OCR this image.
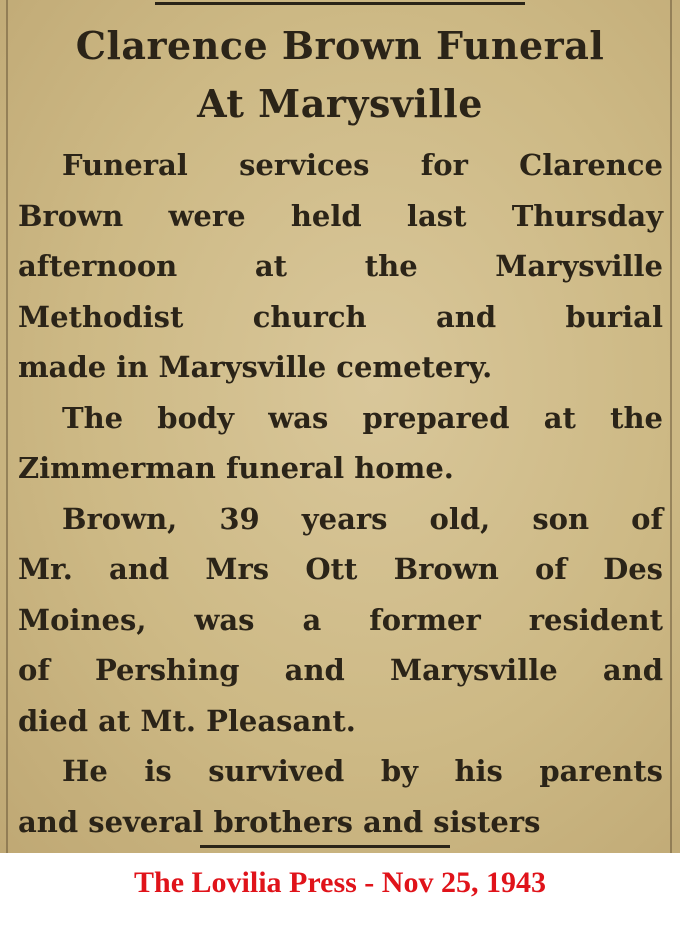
Clarence Brown Funeral
At Marysville
Funeral services for Clarence
Brown were held last Thursday
afternoon at the Marysville
Methodist church and burial
made in Marysville cemetery.
The body was prepared at the
Zimmerman funeral home.
Brown, 39 years old, son of
Mr. and Mrs Ott Brown of Des
Moines, was a former resident
of Pershing and Marysville and
died at Mt. Pleasant.
He is survived by his parents
and several brothers and sisters
The Lovilia Press - Nov 25, 1943
